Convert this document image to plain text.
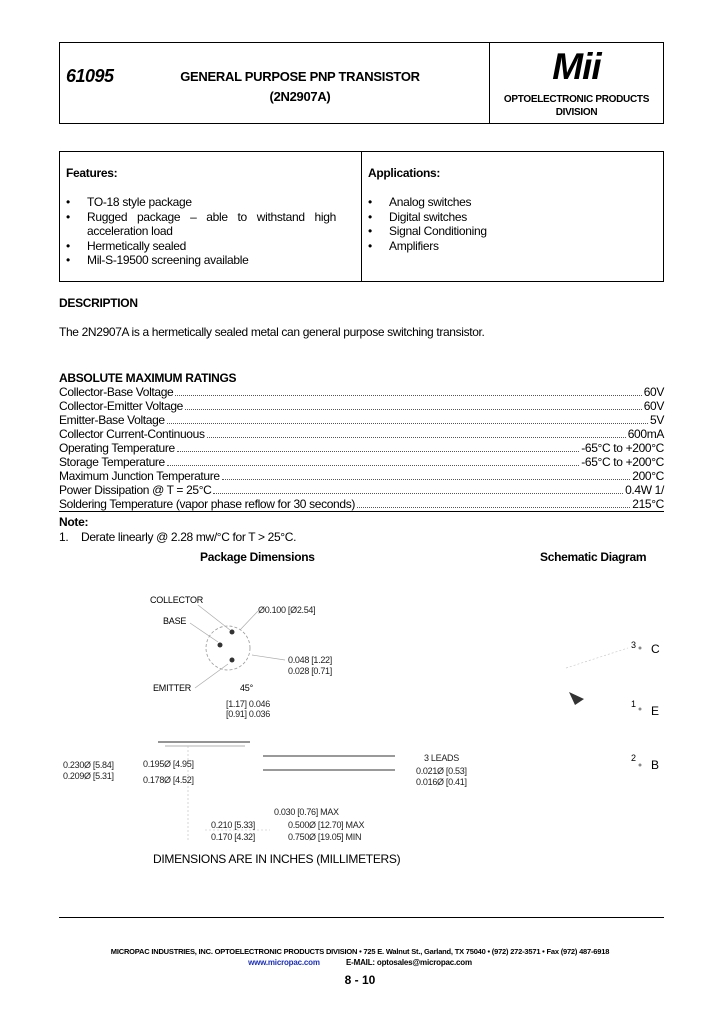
61095	GENERAL PURPOSE PNP TRANSISTOR
(2N2907A)
Mii
OPTOELECTRONIC PRODUCTS
DIVISION
Features:
• TO-18 style package
• Rugged package – able to withstand high acceleration load
• Hermetically sealed
• Mil-S-19500 screening available
Applications:
• Analog switches
• Digital switches
• Signal Conditioning
• Amplifiers
DESCRIPTION
The 2N2907A is a hermetically sealed metal can general purpose switching transistor.
ABSOLUTE MAXIMUM RATINGS
Collector-Base Voltage	60V
Collector-Emitter Voltage	60V
Emitter-Base Voltage	5V
Collector Current-Continuous	600mA
Operating Temperature	-65°C to +200°C
Storage Temperature	-65°C to +200°C
Maximum Junction Temperature	200°C
Power Dissipation @ T = 25°C	0.4W 1/
Soldering Temperature (vapor phase reflow for 30 seconds)	215°C
Note:
1. Derate linearly @ 2.28 mw/°C for T > 25°C.
Package Dimensions	Schematic Diagram
COLLECTOR
BASE
EMITTER	45°
Ø0.100 [Ø2.54]
0.048 [1.22]
0.028 [0.71]
[1.17] 0.046
[0.91] 0.036
0.230Ø [5.84]
0.209Ø [5.31]
0.195Ø [4.95]
0.178Ø [4.52]
3 LEADS
0.021Ø [0.53]
0.016Ø [0.41]
0.030 [0.76] MAX
0.210 [5.33]
0.170 [4.32]
0.500Ø [12.70] MAX
0.750Ø [19.05] MIN
DIMENSIONS ARE IN INCHES (MILLIMETERS)
3 C
1 E
2 B
MICROPAC INDUSTRIES, INC. OPTOELECTRONIC PRODUCTS DIVISION • 725 E. Walnut St., Garland, TX 75040 • (972) 272-3571 • Fax (972) 487-6918
www.micropac.com	E-MAIL: optosales@micropac.com
8 - 10
